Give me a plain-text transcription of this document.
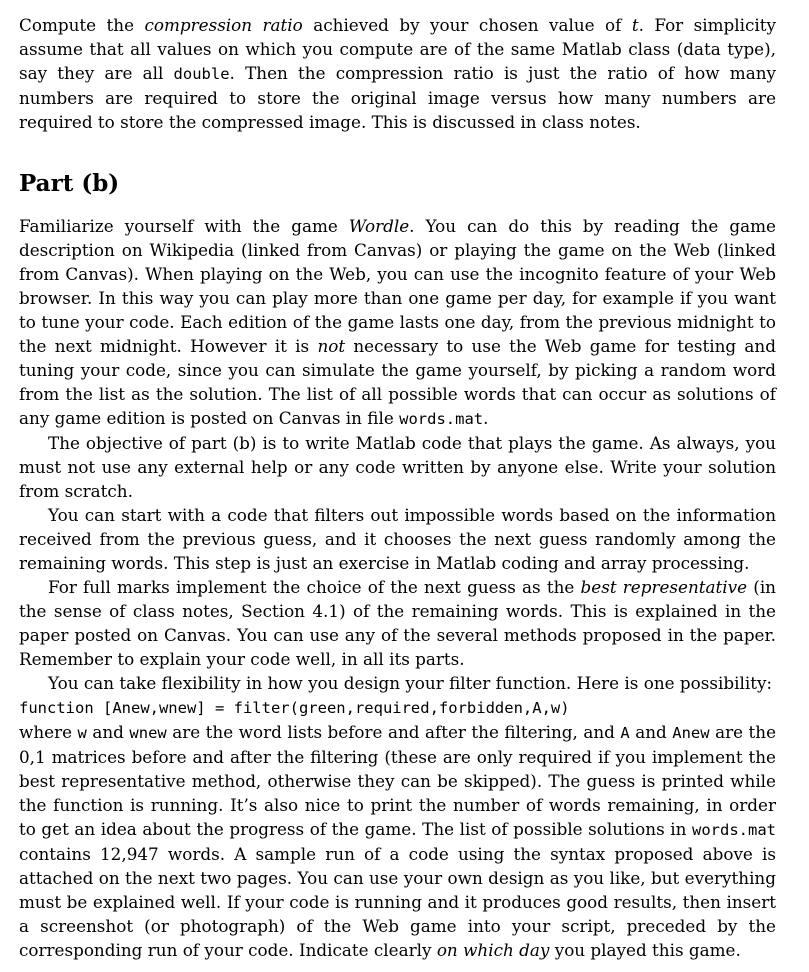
Compute the compression ratio achieved by your chosen value of t. For simplicity assume that all values on which you compute are of the same Matlab class (data type), say they are all double. Then the compression ratio is just the ratio of how many numbers are required to store the original image versus how many numbers are required to store the compressed image. This is discussed in class notes.

Part (b)

Familiarize yourself with the game Wordle. You can do this by reading the game description on Wikipedia (linked from Canvas) or playing the game on the Web (linked from Canvas). When playing on the Web, you can use the incognito feature of your Web browser. In this way you can play more than one game per day, for example if you want to tune your code. Each edition of the game lasts one day, from the previous midnight to the next midnight. However it is not necessary to use the Web game for testing and tuning your code, since you can simulate the game yourself, by picking a random word from the list as the solution. The list of all possible words that can occur as solutions of any game edition is posted on Canvas in file words.mat.

The objective of part (b) is to write Matlab code that plays the game. As always, you must not use any external help or any code written by anyone else. Write your solution from scratch.

You can start with a code that filters out impossible words based on the information received from the previous guess, and it chooses the next guess randomly among the remaining words. This step is just an exercise in Matlab coding and array processing.

For full marks implement the choice of the next guess as the best representative (in the sense of class notes, Section 4.1) of the remaining words. This is explained in the paper posted on Canvas. You can use any of the several methods proposed in the paper. Remember to explain your code well, in all its parts.

You can take flexibility in how you design your filter function. Here is one possibility:

function [Anew,wnew] = filter(green,required,forbidden,A,w)

where w and wnew are the word lists before and after the filtering, and A and Anew are the 0,1 matrices before and after the filtering (these are only required if you implement the best representative method, otherwise they can be skipped). The guess is printed while the function is running. It’s also nice to print the number of words remaining, in order to get an idea about the progress of the game. The list of possible solutions in words.mat contains 12,947 words. A sample run of a code using the syntax proposed above is attached on the next two pages. You can use your own design as you like, but everything must be explained well. If your code is running and it produces good results, then insert a screenshot (or photograph) of the Web game into your script, preceded by the corresponding run of your code. Indicate clearly on which day you played this game.
